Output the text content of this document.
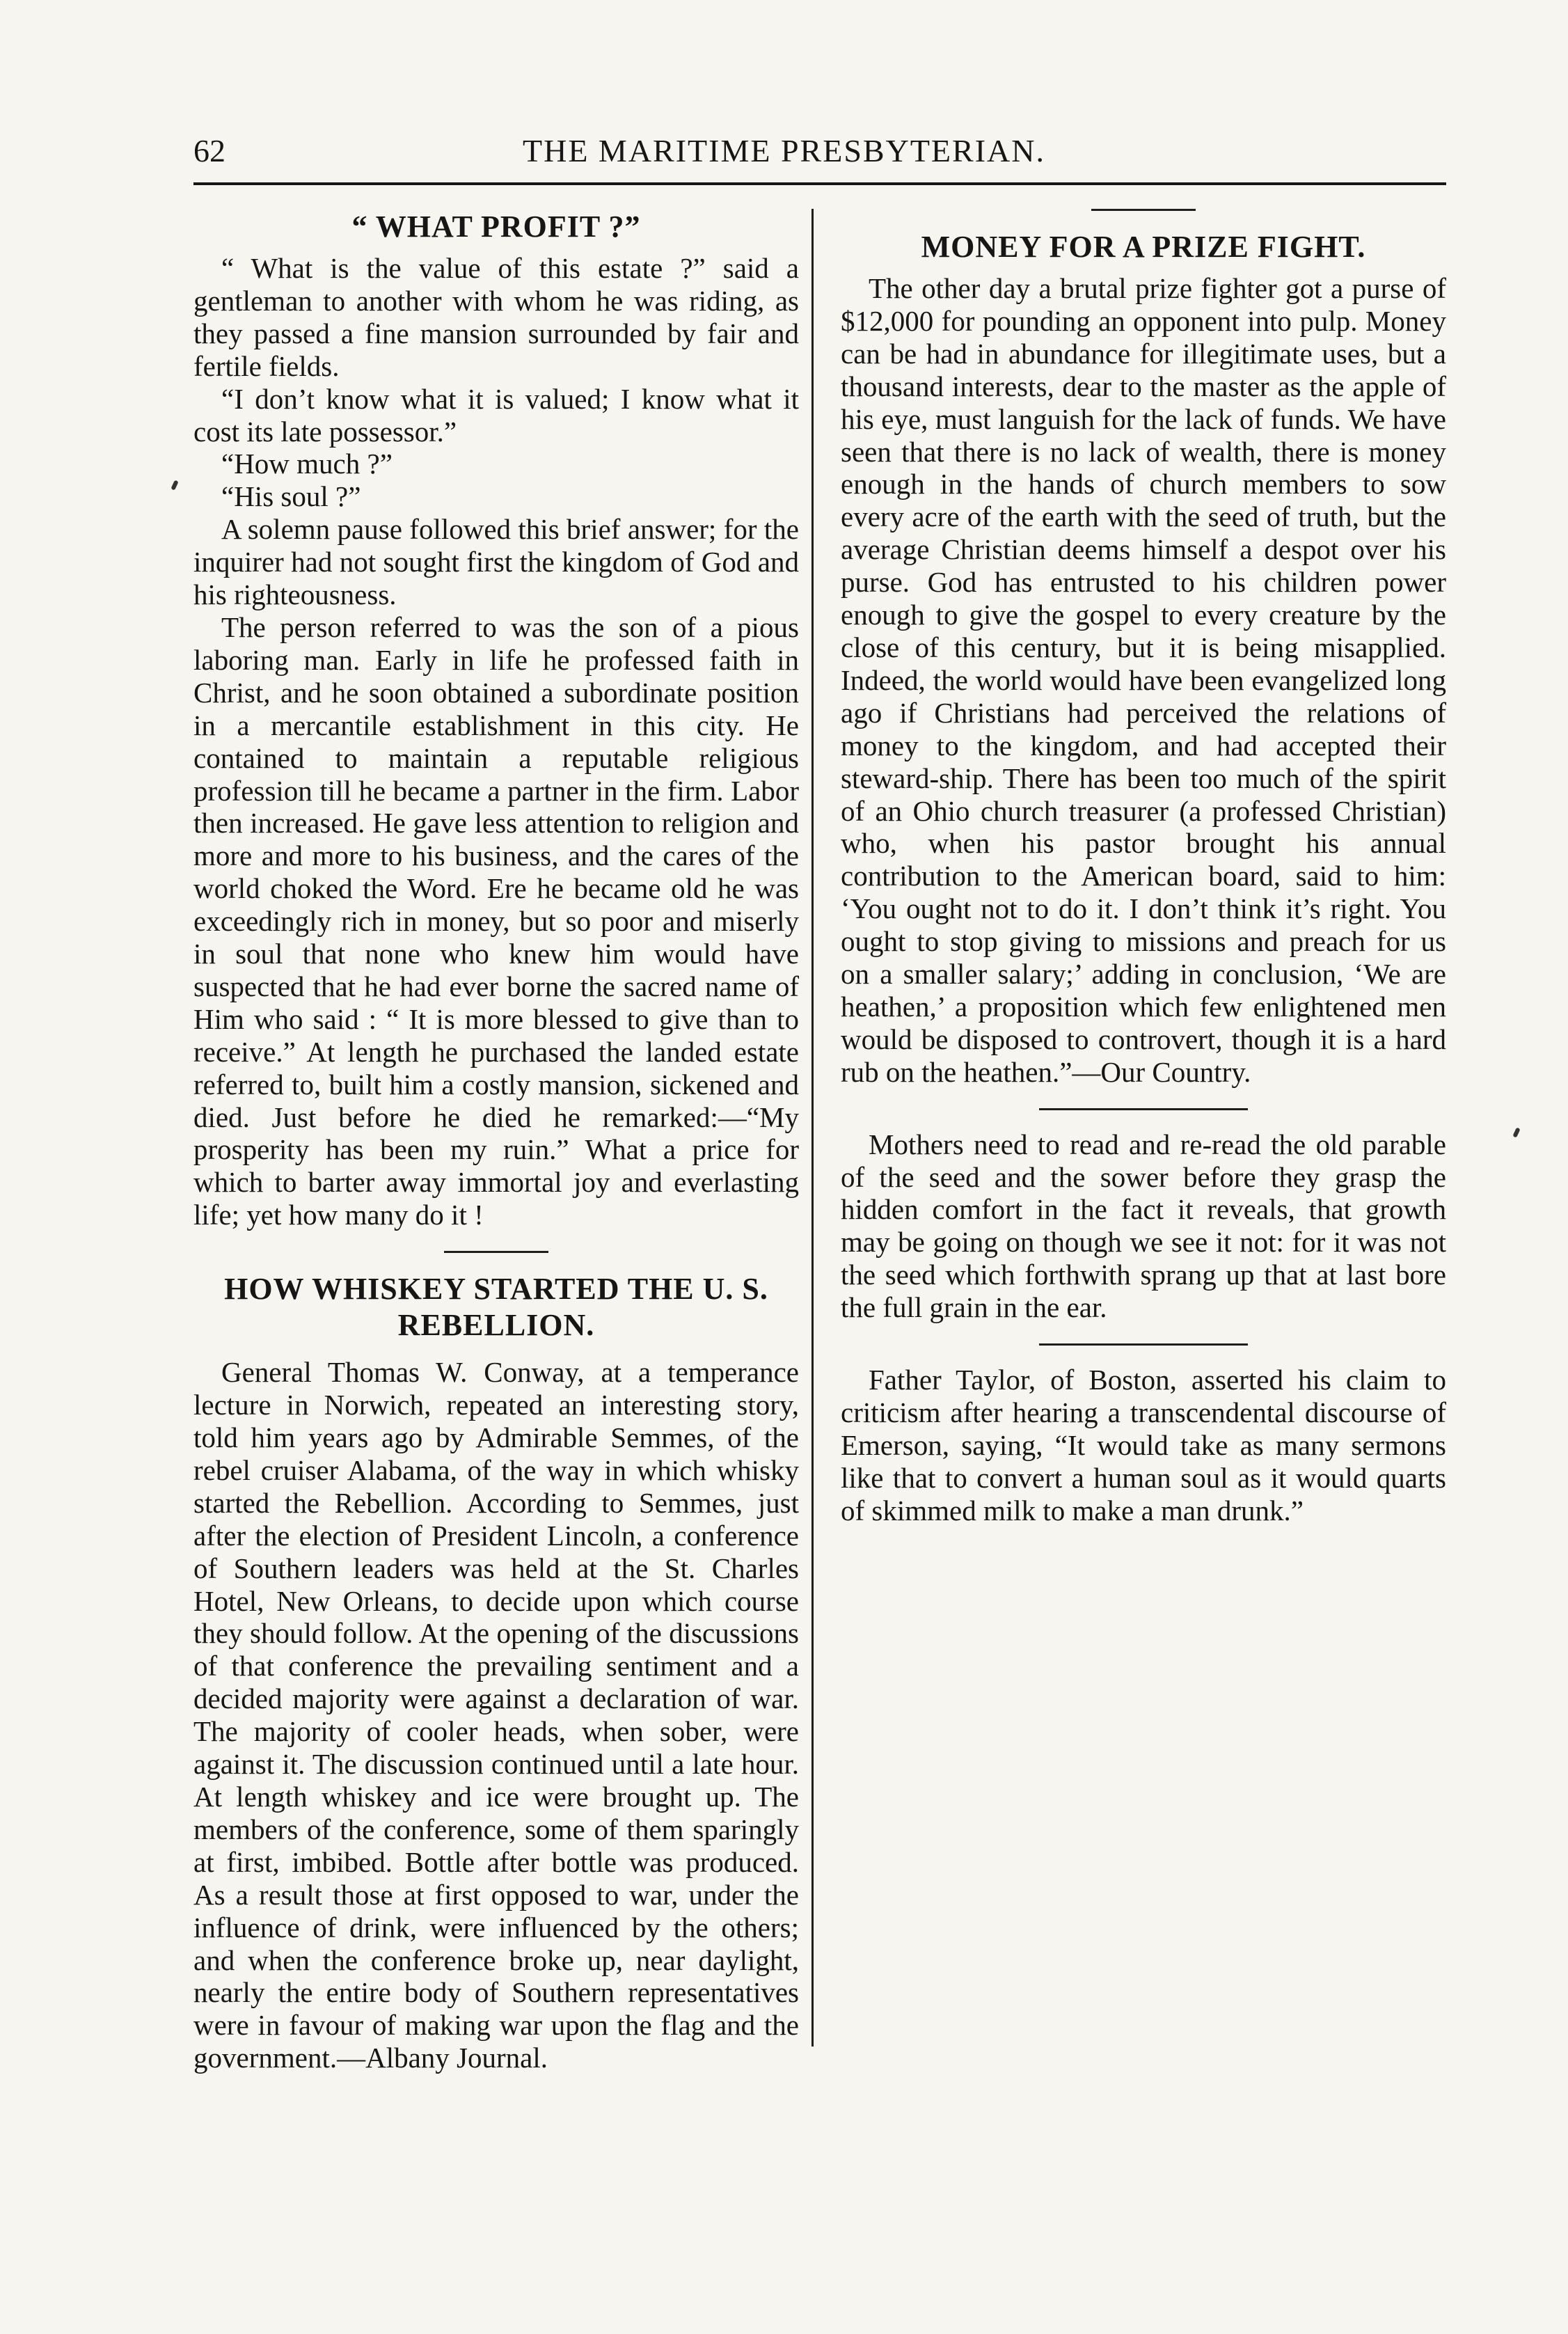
62	THE MARITIME PRESBYTERIAN.
“ WHAT PROFIT ?”

“ What is the value of this estate ?” said a gentleman to another with whom he was riding, as they passed a fine mansion surrounded by fair and fertile fields.

“I don’t know what it is valued; I know what it cost its late possessor.”

“How much ?”

“His soul ?”

A solemn pause followed this brief answer; for the inquirer had not sought first the kingdom of God and his righteousness.

The person referred to was the son of a pious laboring man. Early in life he professed faith in Christ, and he soon obtained a subordinate position in a mercantile establishment in this city. He contained to maintain a reputable religious profession till he became a partner in the firm. Labor then increased. He gave less attention to religion and more and more to his business, and the cares of the world choked the Word. Ere he became old he was exceedingly rich in money, but so poor and miserly in soul that none who knew him would have suspected that he had ever borne the sacred name of Him who said : “ It is more blessed to give than to receive.” At length he purchased the landed estate referred to, built him a costly mansion, sickened and died. Just before he died he remarked:—“My prosperity has been my ruin.” What a price for which to barter away immortal joy and everlasting life; yet how many do it !

HOW WHISKEY STARTED THE U. S. REBELLION.

General Thomas W. Conway, at a temperance lecture in Norwich, repeated an interesting story, told him years ago by Admirable Semmes, of the rebel cruiser Alabama, of the way in which whisky started the Rebellion. According to Semmes, just after the election of President Lincoln, a conference of Southern leaders was held at the St. Charles Hotel, New Orleans, to decide upon which course they should follow. At the opening of the discussions of that conference the prevailing sentiment and a decided majority were against a declaration of war. The majority of cooler heads, when sober, were against it. The discussion continued until a late hour. At length whiskey and ice were brought up. The members of the conference, some of them sparingly at first, imbibed. Bottle after bottle was produced. As a result those at first opposed to war, under the influence of drink, were influenced by the others; and when the conference broke up, near daylight, nearly the entire body of Southern representatives were in favour of making war upon the flag and the government.—Albany Journal.

MONEY FOR A PRIZE FIGHT.

The other day a brutal prize fighter got a purse of $12,000 for pounding an opponent into pulp. Money can be had in abundance for illegitimate uses, but a thousand interests, dear to the master as the apple of his eye, must languish for the lack of funds. We have seen that there is no lack of wealth, there is money enough in the hands of church members to sow every acre of the earth with the seed of truth, but the average Christian deems himself a despot over his purse. God has entrusted to his children power enough to give the gospel to every creature by the close of this century, but it is being misapplied. Indeed, the world would have been evangelized long ago if Christians had perceived the relations of money to the kingdom, and had accepted their steward-ship. There has been too much of the spirit of an Ohio church treasurer (a professed Christian) who, when his pastor brought his annual contribution to the American board, said to him: ‘You ought not to do it. I don’t think it’s right. You ought to stop giving to missions and preach for us on a smaller salary;’ adding in conclusion, ‘We are heathen,’ a proposition which few enlightened men would be disposed to controvert, though it is a hard rub on the heathen.”—Our Country.

Mothers need to read and re-read the old parable of the seed and the sower before they grasp the hidden comfort in the fact it reveals, that growth may be going on though we see it not: for it was not the seed which forthwith sprang up that at last bore the full grain in the ear.

Father Taylor, of Boston, asserted his claim to criticism after hearing a transcendental discourse of Emerson, saying, “It would take as many sermons like that to convert a human soul as it would quarts of skimmed milk to make a man drunk.”
